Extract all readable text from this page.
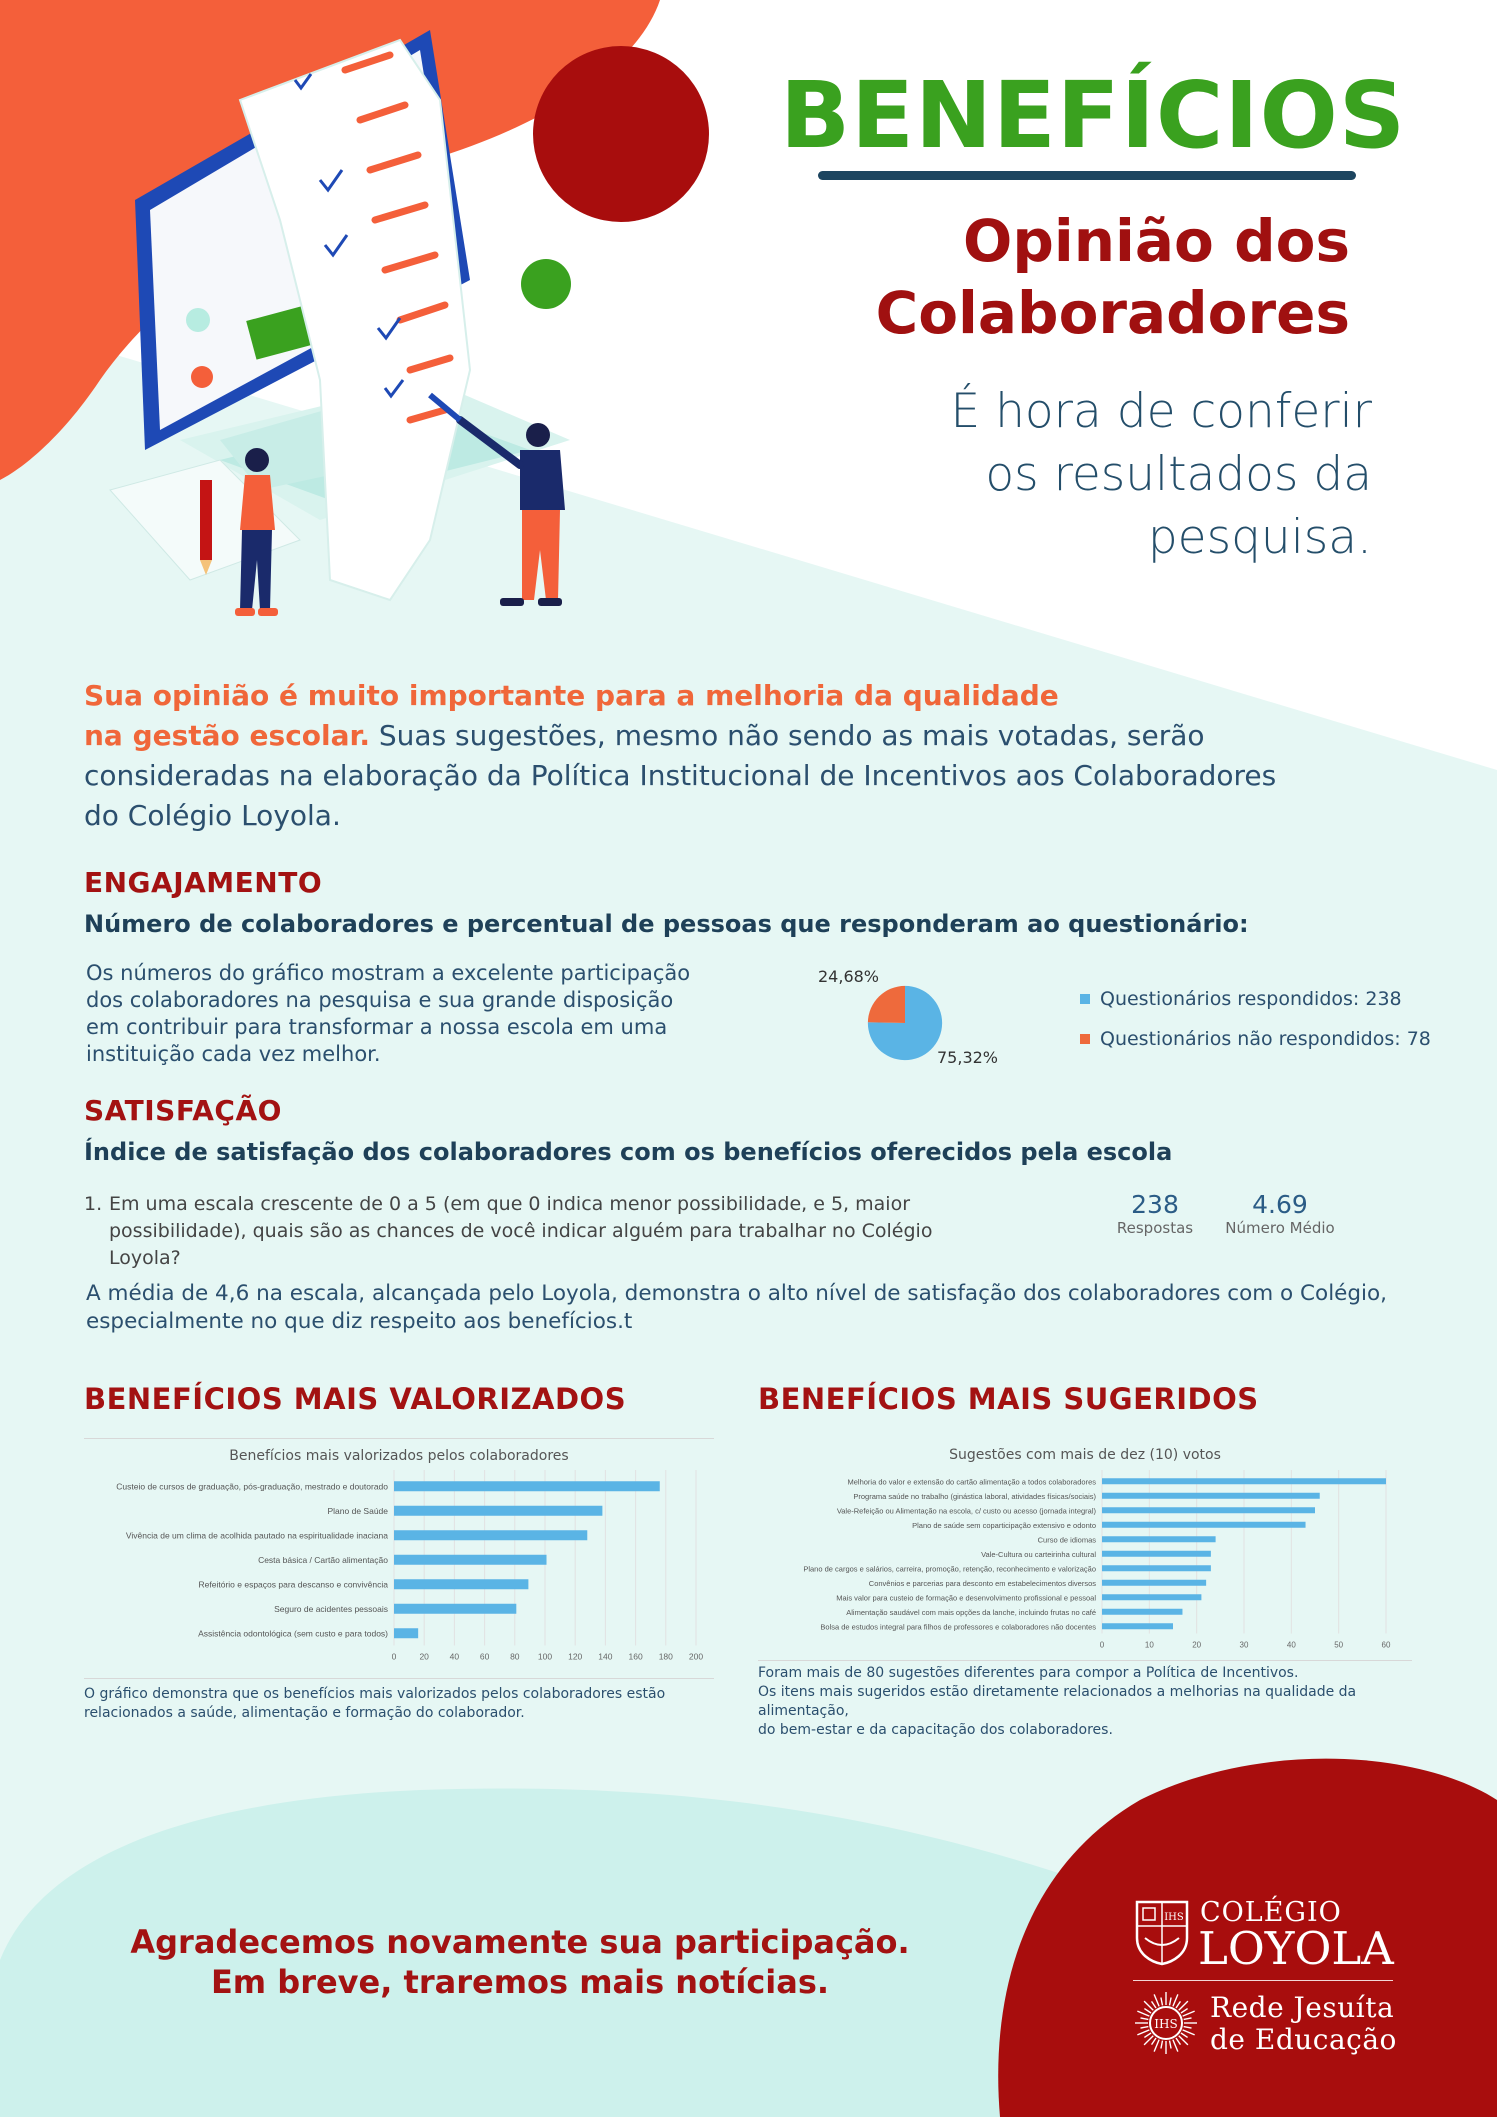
BENEFÍCIOS
Opinião dos
Colaboradores
É hora de conferir
os resultados da
pesquisa.
Sua opinião é muito importante para a melhoria da qualidade
na gestão escolar. Suas sugestões, mesmo não sendo as mais votadas, serão
consideradas na elaboração da Política Institucional de Incentivos aos Colaboradores
do Colégio Loyola.
ENGAJAMENTO
Número de colaboradores e percentual de pessoas que responderam ao questionário:
Os números do gráfico mostram a excelente participação
dos colaboradores na pesquisa e sua grande disposição
em contribuir para transformar a nossa escola em uma
instituição cada vez melhor.
24,68%
75,32%
Questionários respondidos: 238
Questionários não respondidos: 78
SATISFAÇÃO
Índice de satisfação dos colaboradores com os benefícios oferecidos pela escola
1. Em uma escala crescente de 0 a 5 (em que 0 indica menor possibilidade, e 5, maior
possibilidade), quais são as chances de você indicar alguém para trabalhar no Colégio Loyola?
238
Respostas
4.69
Número Médio
A média de 4,6 na escala, alcançada pelo Loyola, demonstra o alto nível de satisfação dos colaboradores com o Colégio,
especialmente no que diz respeito aos benefícios.t
BENEFÍCIOS MAIS VALORIZADOS	BENEFÍCIOS MAIS SUGERIDOS
Benefícios mais valorizados pelos colaboradores
0	20 40 60 80 100 120 140 160 180 200
Custeio de cursos de graduação, pós-graduação, mestrado e doutorado
Plano de Saúde
Vivência de um clima de acolhida pautado na espiritualidade inaciana
Cesta básica / Cartão alimentação
Refeitório e espaços para descanso e convivência
Seguro de acidentes pessoais
Assistência odontológica (sem custo e para todos)
O gráfico demonstra que os benefícios mais valorizados pelos colaboradores estão
relacionados a saúde, alimentação e formação do colaborador.
Sugestões com mais de dez (10) votos
0	10	20	30	40	50	60
Melhoria do valor e extensão do cartão alimentação a todos colaboradores
Programa saúde no trabalho (ginástica laboral, atividades físicas/sociais)
Vale-Refeição ou Alimentação na escola, c/ custo ou acesso (jornada integral)
Plano de saúde sem coparticipação extensivo e odonto
Curso de idiomas
Vale-Cultura ou carteirinha cultural
Plano de cargos e salários, carreira, promoção, retenção, reconhecimento e valorização
Convênios e parcerias para desconto em estabelecimentos diversos
Mais valor para custeio de formação e desenvolvimento profissional e pessoal
Alimentação saudável com mais opções da lanche, incluindo frutas no café
Bolsa de estudos integral para filhos de professores e colaboradores não docentes
Foram mais de 80 sugestões diferentes para compor a Política de Incentivos.
Os itens mais sugeridos estão diretamente relacionados a melhorias na qualidade da alimentação,
do bem-estar e da capacitação dos colaboradores.
Agradecemos novamente sua participação.
Em breve, traremos mais notícias.
IHS COLÉGIO
LOYOLA
IHS Rede Jesuíta
de Educação
